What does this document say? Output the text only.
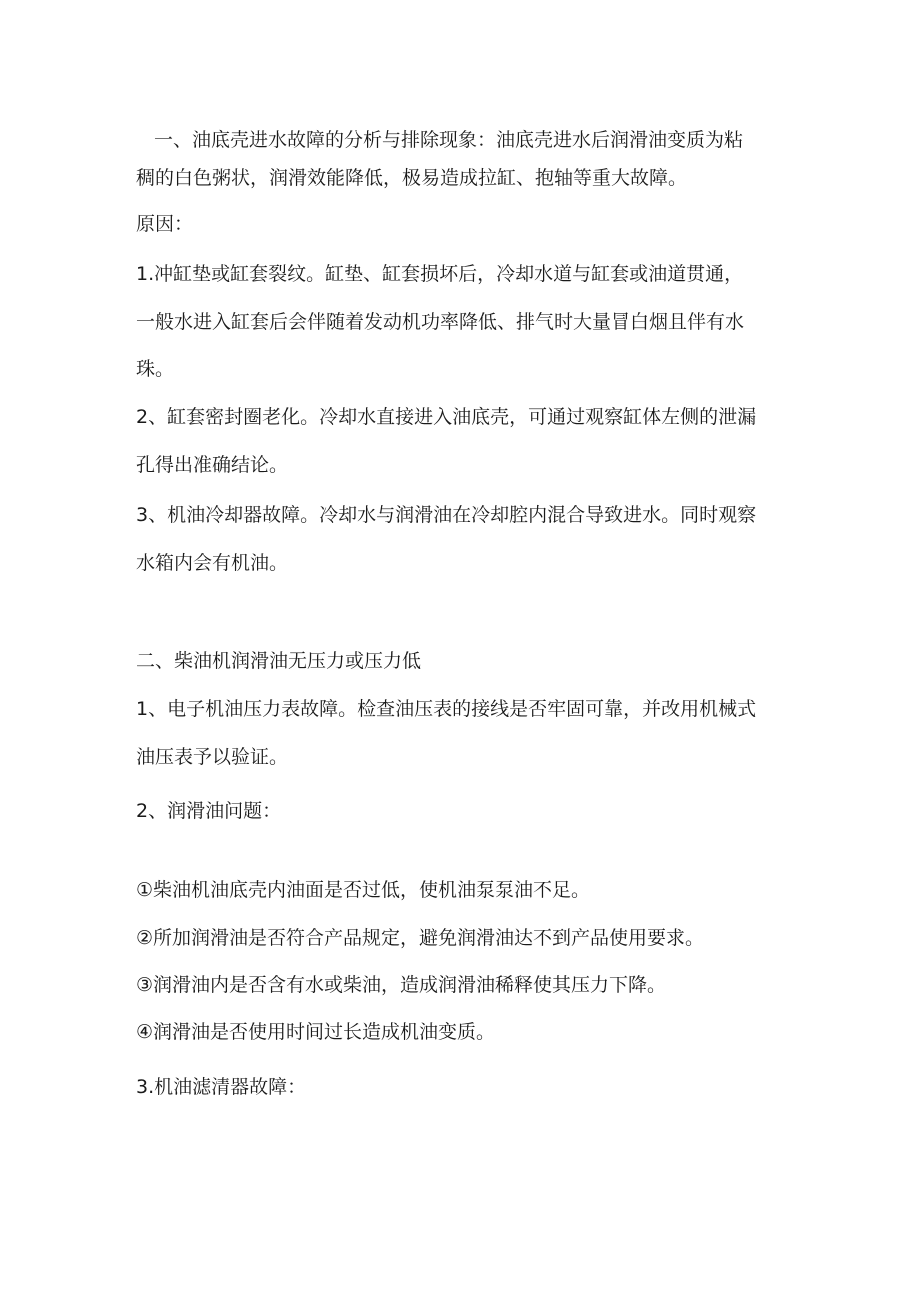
一、油底壳进水故障的分析与排除现象：油底壳进水后润滑油变质为粘
稠的白色粥状，润滑效能降低，极易造成拉缸、抱轴等重大故障。
原因：
1.冲缸垫或缸套裂纹。缸垫、缸套损坏后，冷却水道与缸套或油道贯通，
一般水进入缸套后会伴随着发动机功率降低、排气时大量冒白烟且伴有水
珠。
2、缸套密封圈老化。冷却水直接进入油底壳，可通过观察缸体左侧的泄漏
孔得出准确结论。
3、机油冷却器故障。冷却水与润滑油在冷却腔内混合导致进水。同时观察
水箱内会有机油。
二、柴油机润滑油无压力或压力低
1、电子机油压力表故障。检查油压表的接线是否牢固可靠，并改用机械式
油压表予以验证。
2、润滑油问题：
①柴油机油底壳内油面是否过低，使机油泵泵油不足。
②所加润滑油是否符合产品规定，避免润滑油达不到产品使用要求。
③润滑油内是否含有水或柴油，造成润滑油稀释使其压力下降。
④润滑油是否使用时间过长造成机油变质。
3.机油滤清器故障：
